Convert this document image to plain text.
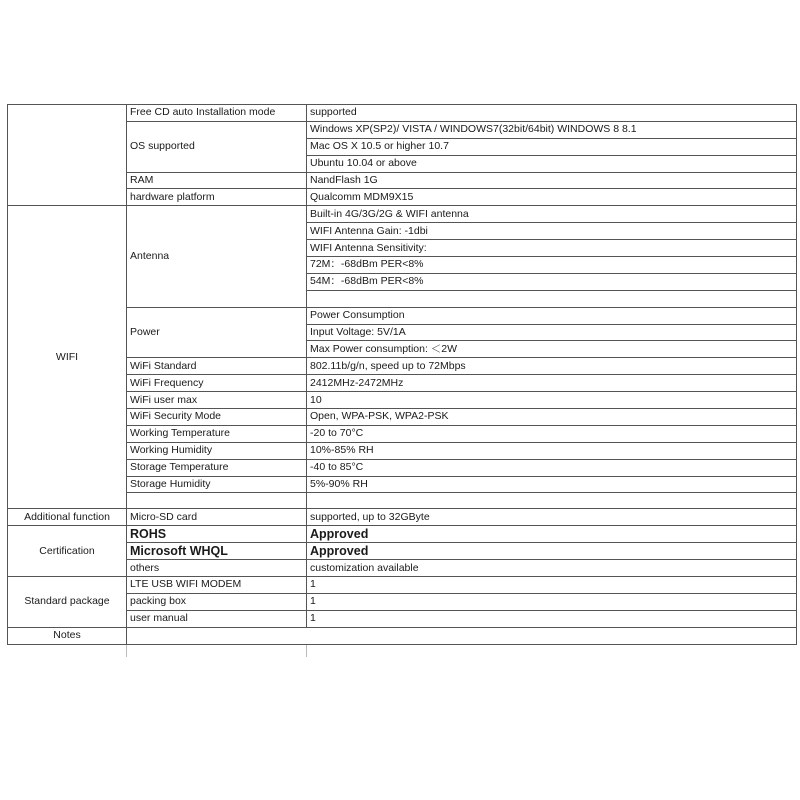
	Free CD auto Installation mode	supported
	OS supported	Windows XP(SP2)/ VISTA / WINDOWS7(32bit/64bit) WINDOWS 8 8.1
		Mac OS X 10.5 or higher 10.7
		Ubuntu 10.04 or above
	RAM	NandFlash 1G
	hardware platform	Qualcomm MDM9X15
WIFI	Antenna	Built-in 4G/3G/2G & WIFI antenna
		WIFI Antenna Gain: -1dbi
		WIFI Antenna Sensitivity:
		72M：-68dBm PER<8%
		54M：-68dBm PER<8%

	Power	Power Consumption
		Input Voltage: 5V/1A
		Max Power consumption: ＜2W
	WiFi Standard	802.11b/g/n, speed up to 72Mbps
	WiFi Frequency	2412MHz-2472MHz
	WiFi user max	10
	WiFi Security Mode	Open, WPA-PSK, WPA2-PSK
	Working Temperature	-20 to 70°C
	Working Humidity	10%-85% RH
	Storage Temperature	-40 to 85°C
	Storage Humidity	5%-90% RH

Additional function	Micro-SD card	supported, up to 32GByte
Certification	ROHS	Approved
	Microsoft WHQL	Approved
	others	customization available
Standard package	LTE USB WIFI MODEM	1
	packing box	1
	user manual	1
Notes		
